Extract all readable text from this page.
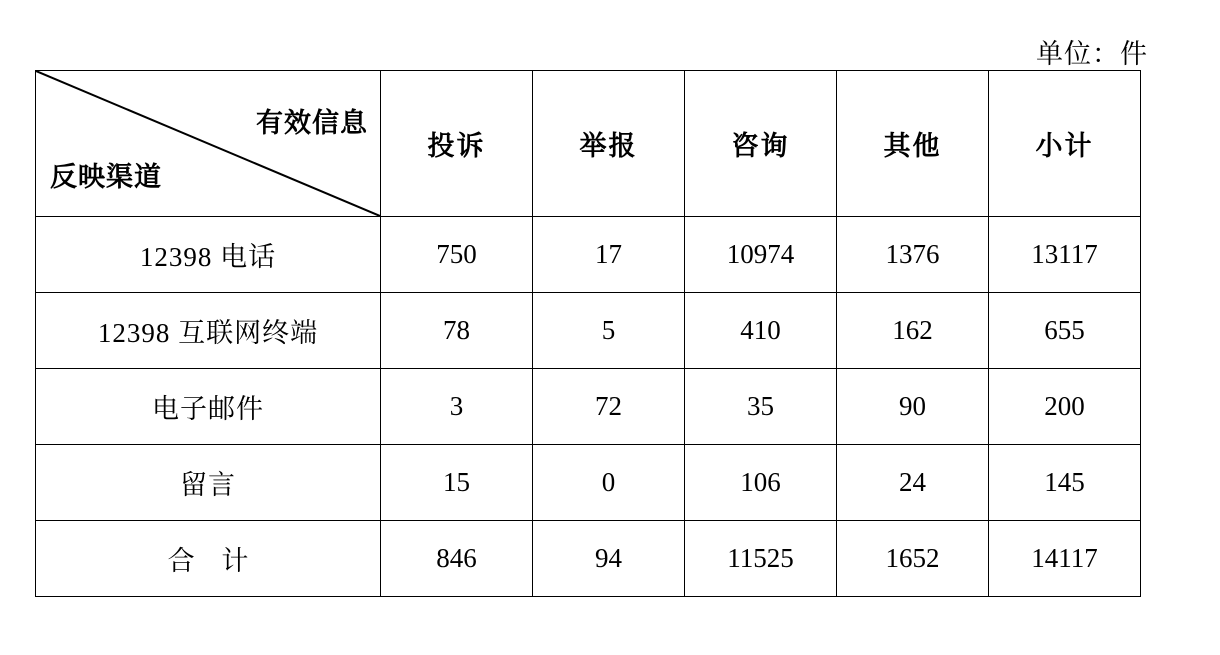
单位：件
有效信息
反映渠道	投诉	举报	咨询	其他	小计
12398 电话	750	17	10974	1376	13117
12398 互联网终端	78	5	410	162	655
电子邮件	3	72	35	90	200
留言	15	0	106	24	145
合 计	846	94	11525	1652	14117
